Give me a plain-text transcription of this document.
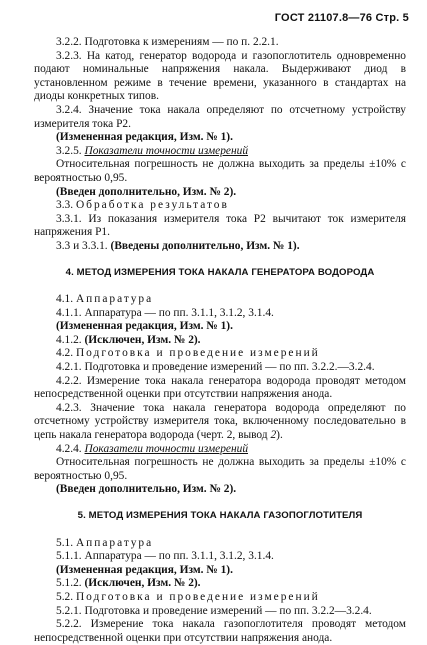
ГОСТ 21107.8—76 Стр. 5

3.2.2. Подготовка к измерениям — по п. 2.2.1.

3.2.3. На катод, генератор водорода и газопоглотитель одновременно подают номинальные напряжения накала. Выдерживают диод в установленном режиме в течение времени, указанного в стандартах на диоды конкретных типов.

3.2.4. Значение тока накала определяют по отсчетному устройству измерителя тока Р2.

(Измененная редакция, Изм. № 1).

3.2.5. Показатели точности измерений

Относительная погрешность не должна выходить за пределы ±10% с вероятностью 0,95.

(Введен дополнительно, Изм. № 2).

3.3. Обработка результатов

3.3.1. Из показания измерителя тока Р2 вычитают ток измерителя напряжения Р1.

3.3 и 3.3.1. (Введены дополнительно, Изм. № 1).

4. МЕТОД ИЗМЕРЕНИЯ ТОКА НАКАЛА ГЕНЕРАТОРА ВОДОРОДА

4.1. Аппаратура

4.1.1. Аппаратура — по пп. 3.1.1, 3.1.2, 3.1.4.

(Измененная редакция, Изм. № 1).

4.1.2. (Исключен, Изм. № 2).

4.2. Подготовка и проведение измерений

4.2.1. Подготовка и проведение измерений — по пп. 3.2.2.—3.2.4.

4.2.2. Измерение тока накала генератора водорода проводят методом непосредственной оценки при отсутствии напряжения анода.

4.2.3. Значение тока накала генератора водорода определяют по отсчетному устройству измерителя тока, включенному последовательно в цепь накала генератора водорода (черт. 2, вывод 2).

4.2.4. Показатели точности измерений

Относительная погрешность не должна выходить за пределы ±10% с вероятностью 0,95.

(Введен дополнительно, Изм. № 2).

5. МЕТОД ИЗМЕРЕНИЯ ТОКА НАКАЛА ГАЗОПОГЛОТИТЕЛЯ

5.1. Аппаратура

5.1.1. Аппаратура — по пп. 3.1.1, 3.1.2, 3.1.4.

(Измененная редакция, Изм. № 1).

5.1.2. (Исключен, Изм. № 2).

5.2. Подготовка и проведение измерений

5.2.1. Подготовка и проведение измерений — по пп. 3.2.2—3.2.4.

5.2.2. Измерение тока накала газопоглотителя проводят методом непосредственной оценки при отсутствии напряжения анода.
